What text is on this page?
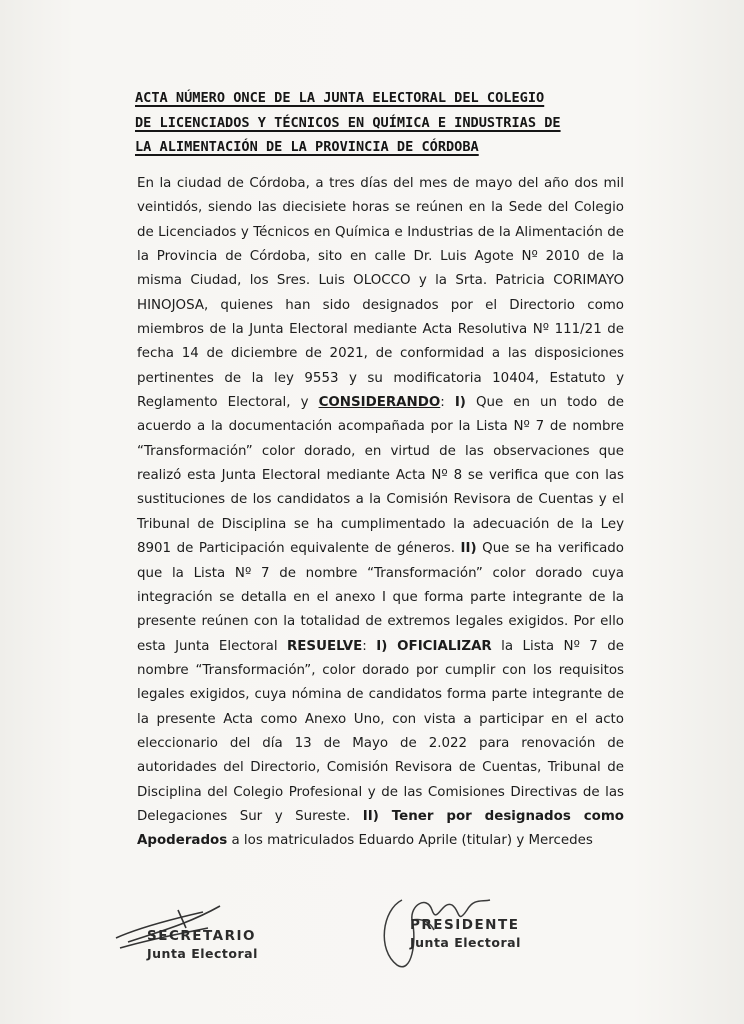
ACTA NÚMERO ONCE DE LA JUNTA ELECTORAL DEL COLEGIO
DE LICENCIADOS Y TÉCNICOS EN QUÍMICA E INDUSTRIAS DE
LA ALIMENTACIÓN DE LA PROVINCIA DE CÓRDOBA

En la ciudad de Córdoba, a tres días del mes de mayo del año dos mil veintidós, siendo las diecisiete horas se reúnen en la Sede del Colegio de Licenciados y Técnicos en Química e Industrias de la Alimentación de la Provincia de Córdoba, sito en calle Dr. Luis Agote Nº 2010 de la misma Ciudad, los Sres. Luis OLOCCO y la Srta. Patricia CORIMAYO HINOJOSA, quienes han sido designados por el Directorio como miembros de la Junta Electoral mediante Acta Resolutiva Nº 111/21 de fecha 14 de diciembre de 2021, de conformidad a las disposiciones pertinentes de la ley 9553 y su modificatoria 10404, Estatuto y Reglamento Electoral, y CONSIDERANDO: I) Que en un todo de acuerdo a la documentación acompañada por la Lista Nº 7 de nombre “Transformación” color dorado, en virtud de las observaciones que realizó esta Junta Electoral mediante Acta Nº 8 se verifica que con las sustituciones de los candidatos a la Comisión Revisora de Cuentas y el Tribunal de Disciplina se ha cumplimentado la adecuación de la Ley 8901 de Participación equivalente de géneros. II) Que se ha verificado que la Lista Nº 7 de nombre “Transformación” color dorado cuya integración se detalla en el anexo I que forma parte integrante de la presente reúnen con la totalidad de extremos legales exigidos. Por ello esta Junta Electoral RESUELVE: I) OFICIALIZAR la Lista Nº 7 de nombre “Transformación”, color dorado por cumplir con los requisitos legales exigidos, cuya nómina de candidatos forma parte integrante de la presente Acta como Anexo Uno, con vista a participar en el acto eleccionario del día 13 de Mayo de 2.022 para renovación de autoridades del Directorio, Comisión Revisora de Cuentas, Tribunal de Disciplina del Colegio Profesional y de las Comisiones Directivas de las Delegaciones Sur y Sureste. II) Tener por designados como Apoderados a los matriculados Eduardo Aprile (titular) y Mercedes

SECRETARIO
Junta Electoral
PRESIDENTE
Junta Electoral
